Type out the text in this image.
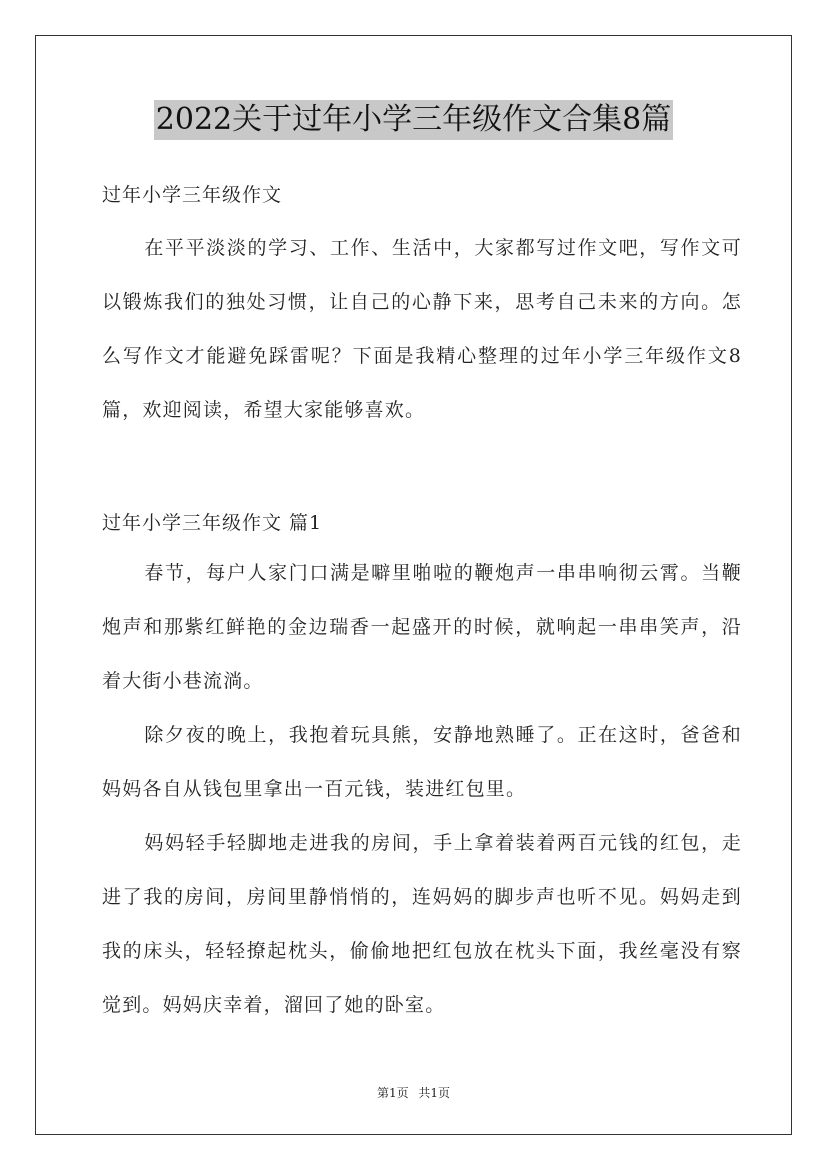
2022关于过年小学三年级作文合集8篇
过年小学三年级作文
在平平淡淡的学习、工作、生活中，大家都写过作文吧，写作文可以锻炼我们的独处习惯，让自己的心静下来，思考自己未来的方向。怎么写作文才能避免踩雷呢？下面是我精心整理的过年小学三年级作文8篇，欢迎阅读，希望大家能够喜欢。
过年小学三年级作文 篇1
春节，每户人家门口满是噼里啪啦的鞭炮声一串串响彻云霄。当鞭炮声和那紫红鲜艳的金边瑞香一起盛开的时候，就响起一串串笑声，沿着大街小巷流淌。
除夕夜的晚上，我抱着玩具熊，安静地熟睡了。正在这时，爸爸和妈妈各自从钱包里拿出一百元钱，装进红包里。
妈妈轻手轻脚地走进我的房间，手上拿着装着两百元钱的红包，走进了我的房间，房间里静悄悄的，连妈妈的脚步声也听不见。妈妈走到我的床头，轻轻撩起枕头，偷偷地把红包放在枕头下面，我丝毫没有察觉到。妈妈庆幸着，溜回了她的卧室。
第1页 共1页
